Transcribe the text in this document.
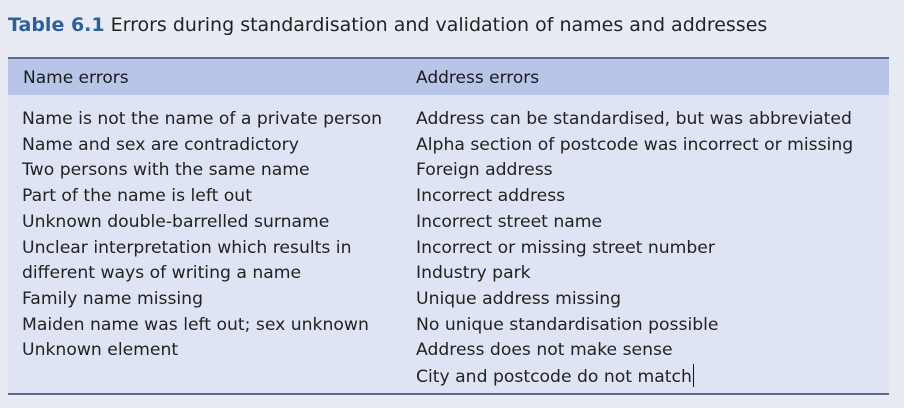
Table 6.1 Errors during standardisation and validation of names and addresses
Name errors	Address errors
Name is not the name of a private person
Name and sex are contradictory
Two persons with the same name
Part of the name is left out
Unknown double-barrelled surname
Unclear interpretation which results in
different ways of writing a name
Family name missing
Maiden name was left out; sex unknown
Unknown element
Address can be standardised, but was abbreviated
Alpha section of postcode was incorrect or missing
Foreign address
Incorrect address
Incorrect street name
Incorrect or missing street number
Industry park
Unique address missing
No unique standardisation possible
Address does not make sense
City and postcode do not match
